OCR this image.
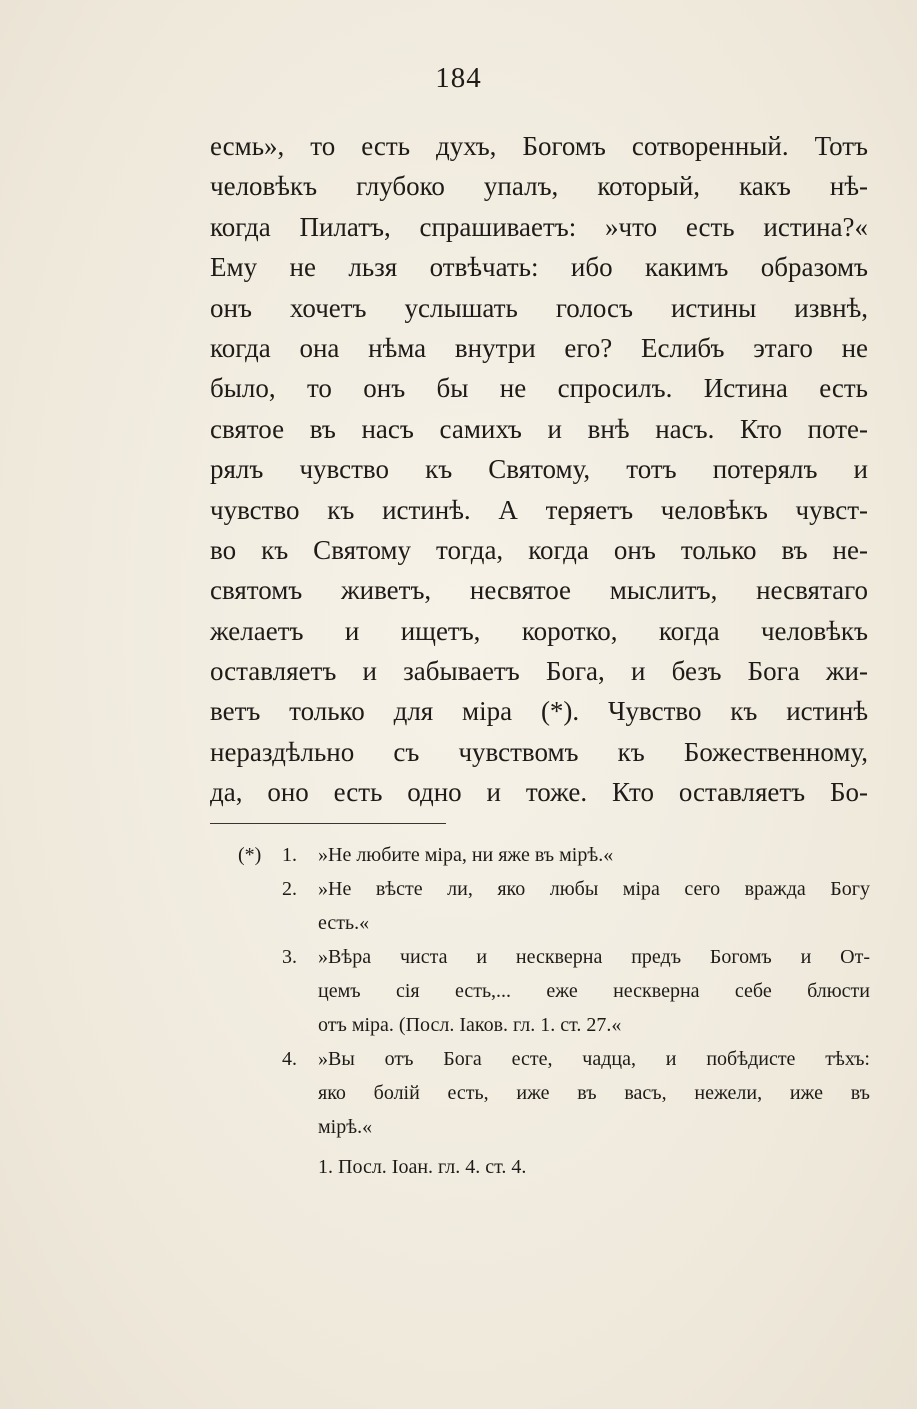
184
есмь», то есть духъ, Богомъ сотворенный. Тотъ
человѣкъ глубоко упалъ, который, какъ нѣ-
когда Пилатъ, спрашиваетъ: »что есть истина?«
Ему не льзя отвѣчать: ибо какимъ образомъ
онъ хочетъ услышать голосъ истины извнѣ,
когда она нѣма внутри его? Еслибъ этаго не
было, то онъ бы не спросилъ. Истина есть
святое въ насъ самихъ и внѣ насъ. Кто поте-
рялъ чувство къ Святому, тотъ потерялъ и
чувство къ истинѣ. А теряетъ человѣкъ чувст-
во къ Святому тогда, когда онъ только въ не-
святомъ живетъ, несвятое мыслитъ, несвятаго
желаетъ и ищетъ, коротко, когда человѣкъ
оставляетъ и забываетъ Бога, и безъ Бога жи-
ветъ только для міра (*). Чувство къ истинѣ
нераздѣльно съ чувствомъ къ Божественному,
да, оно есть одно и тоже. Кто оставляетъ Бо-
(*)	1.	»Не любите міра, ни яже въ мірѣ.«
2.	»Не вѣсте ли, яко любы міра сего вражда Богу
есть.«
3.	»Вѣра чиста и нескверна предъ Богомъ и От-
цемъ сія есть,... еже нескверна себе блюсти
отъ міра. (Посл. Іаков. гл. 1. ст. 27.«
4.	»Вы отъ Бога есте, чадца, и побѣдисте тѣхъ:
яко болій есть, иже въ васъ, нежели, иже въ
мірѣ.«
1. Посл. Іоан. гл. 4. ст. 4.
